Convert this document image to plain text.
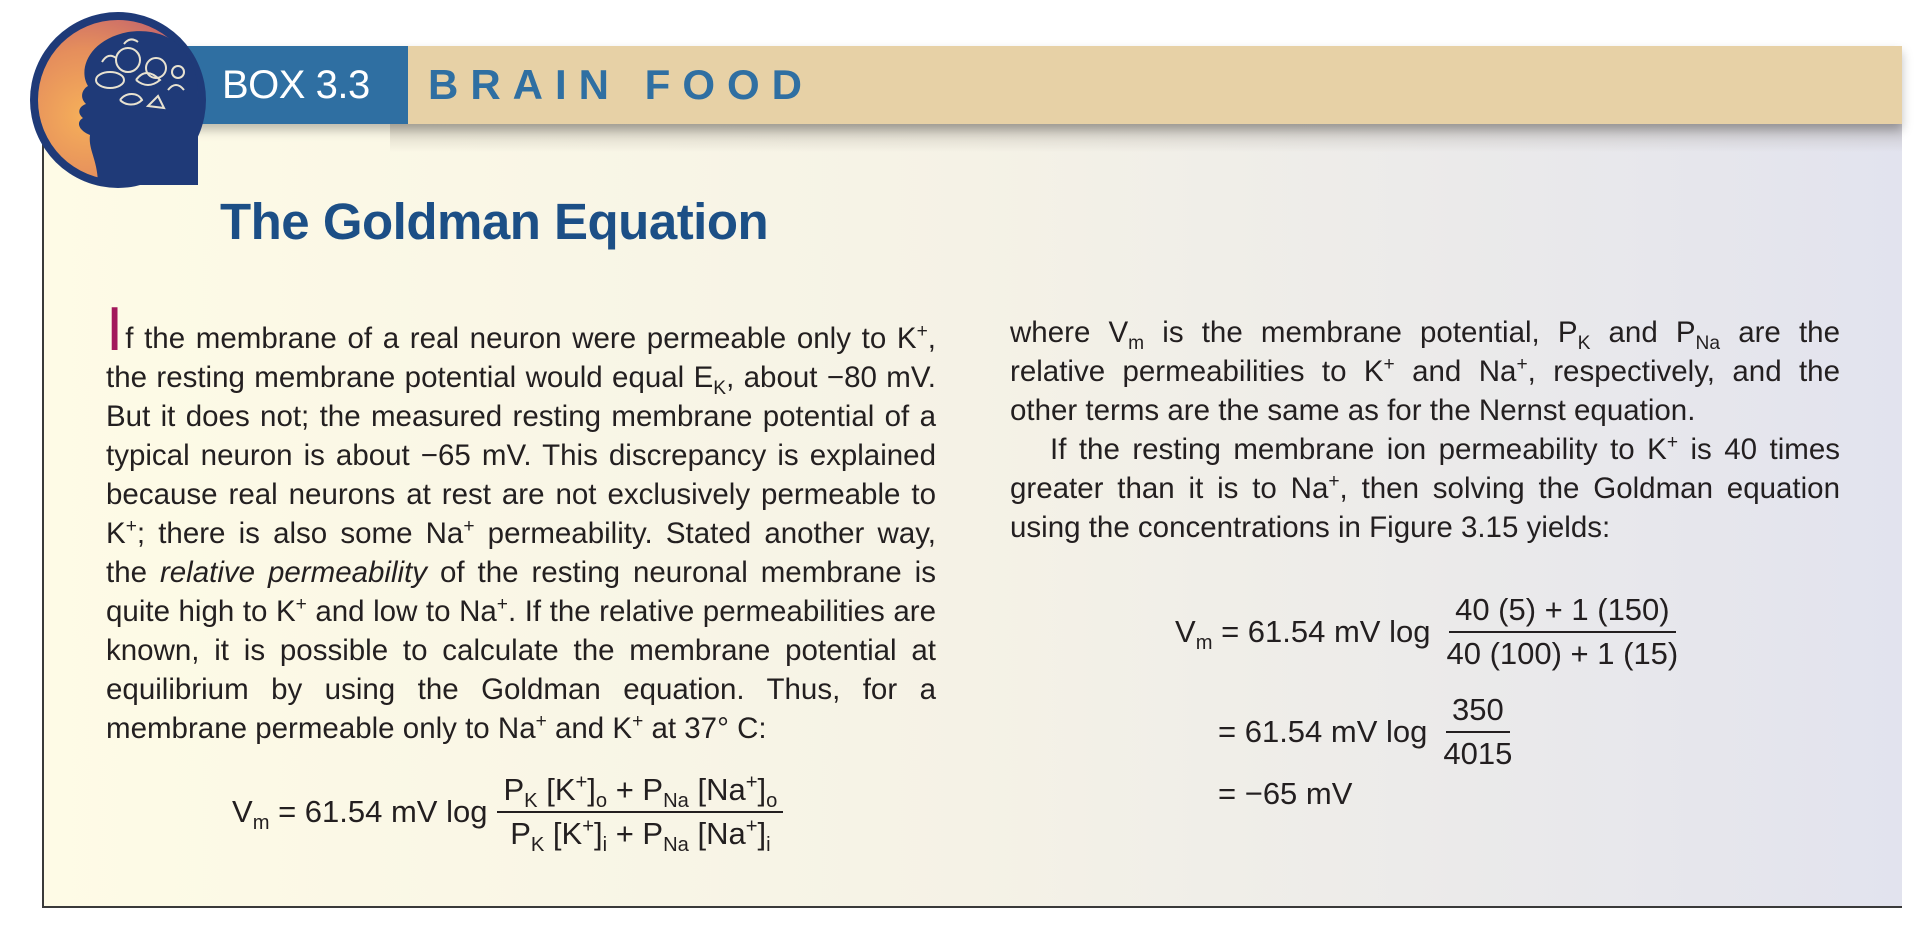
BOX 3.3	BRAIN FOOD
The Goldman Equation

If the membrane of a real neuron were permeable only to K+, the resting membrane potential would equal $E_K$, about −80 mV. But it does not; the measured resting membrane potential of a typical neuron is about −65 mV. This discrepancy is explained because real neurons at rest are not exclusively permeable to K+; there is also some Na+ permeability. Stated another way, the relative permeability of the resting neuronal membrane is quite high to K+ and low to Na+. If the relative permeabilities are known, it is possible to calculate the membrane potential at equilibrium by using the Goldman equation. Thus, for a membrane permeable only to Na+ and K+ at 37° C:

$V_m = 61.54$ mV $\log \frac{P_K [K^+]_o + P_{Na} [Na^+]_o}{P_K [K^+]_i + P_{Na} [Na^+]_i}$

where $V_m$ is the membrane potential, $P_K$ and $P_{Na}$ are the relative permeabilities to K+ and Na+, respectively, and the other terms are the same as for the Nernst equation.

If the resting membrane ion permeability to K+ is 40 times greater than it is to Na+, then solving the Goldman equation using the concentrations in Figure 3.15 yields:

$V_m = 61.54$ mV $\log \frac{40 (5) + 1 (150)}{40 (100) + 1 (15)}$
= 61.54 mV $\log \frac{350}{4015}$
= −65 mV
